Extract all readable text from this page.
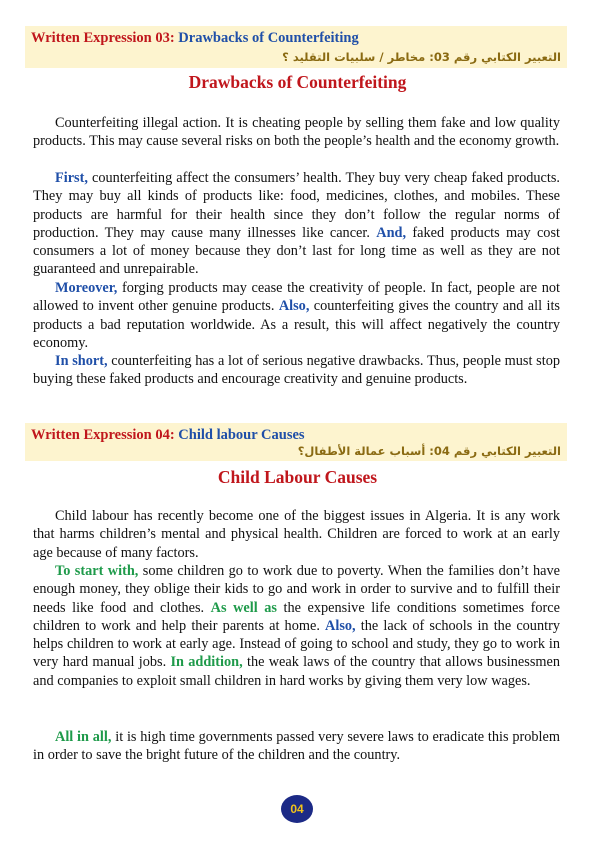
Written Expression 03: Drawbacks of Counterfeiting
التعبير الكتابي رقم 03: مخاطر / سلبيات التقليد ؟
Drawbacks of Counterfeiting

Counterfeiting illegal action. It is cheating people by selling them fake and low quality products. This may cause several risks on both the people’s health and the economy growth.

First, counterfeiting affect the consumers’ health. They buy very cheap faked products. They may buy all kinds of products like: food, medicines, clothes, and mobiles. These products are harmful for their health since they don’t follow the regular norms of production. They may cause many illnesses like cancer. And, faked products may cost consumers a lot of money because they don’t last for long time as well as they are not guaranteed and unrepairable.

Moreover, forging products may cease the creativity of people. In fact, people are not allowed to invent other genuine products. Also, counterfeiting gives the country and all its products a bad reputation worldwide. As a result, this will affect negatively the country economy.

In short, counterfeiting has a lot of serious negative drawbacks. Thus, people must stop buying these faked products and encourage creativity and genuine products.

Written Expression 04: Child labour Causes
التعبير الكتابي رقم 04: أسباب عمالة الأطفال؟
Child Labour Causes

Child labour has recently become one of the biggest issues in Algeria. It is any work that harms children’s mental and physical health. Children are forced to work at an early age because of many factors.

To start with, some children go to work due to poverty. When the families don’t have enough money, they oblige their kids to go and work in order to survive and to fulfill their needs like food and clothes. As well as the expensive life conditions sometimes force children to work and help their parents at home. Also, the lack of schools in the country helps children to work at early age. Instead of going to school and study, they go to work in very hard manual jobs. In addition, the weak laws of the country that allows businessmen and companies to exploit small children in hard works by giving them very low wages.

All in all, it is high time governments passed very severe laws to eradicate this problem in order to save the bright future of the children and the country.

04
